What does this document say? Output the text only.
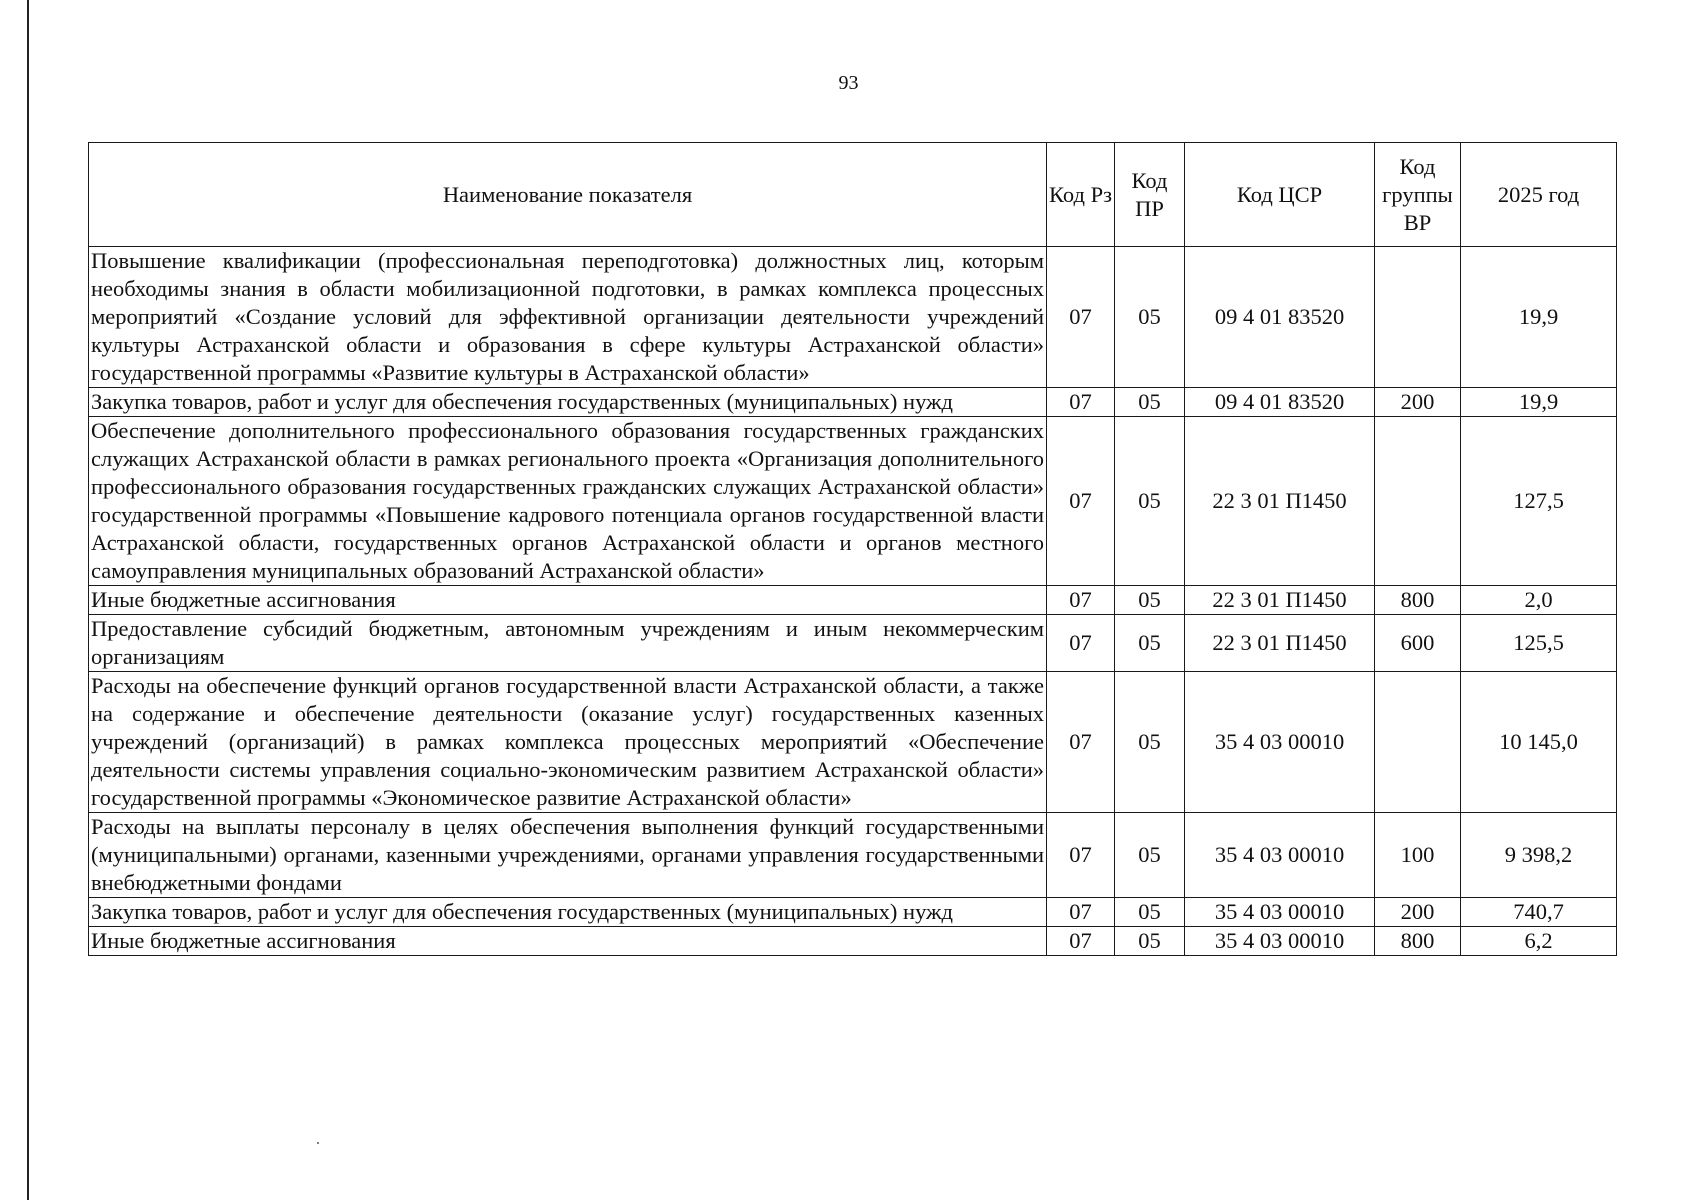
93
Наименование показателя	Код Рз	Код ПР	Код ЦСР	Код группы ВР	2025 год
Повышение квалификации (профессиональная переподготовка) должностных лиц, которым необходимы знания в области мобилизационной подготовки, в рамках комплекса процессных мероприятий «Создание условий для эффективной организации деятельности учреждений культуры Астраханской области и образования в сфере культуры Астраханской области» государственной программы «Развитие культуры в Астраханской области»	07	05	09 4 01 83520		19,9
Закупка товаров, работ и услуг для обеспечения государственных (муниципальных) нужд	07	05	09 4 01 83520	200	19,9
Обеспечение дополнительного профессионального образования государственных гражданских служащих Астраханской области в рамках регионального проекта «Организация дополнительного профессионального образования государственных гражданских служащих Астраханской области» государственной программы «Повышение кадрового потенциала органов государственной власти Астраханской области, государственных органов Астраханской области и органов местного самоуправления муниципальных образований Астраханской области»	07	05	22 3 01 П1450		127,5
Иные бюджетные ассигнования	07	05	22 3 01 П1450	800	2,0
Предоставление субсидий бюджетным, автономным учреждениям и иным некоммерческим организациям	07	05	22 3 01 П1450	600	125,5
Расходы на обеспечение функций органов государственной власти Астраханской области, а также на содержание и обеспечение деятельности (оказание услуг) государственных казенных учреждений (организаций) в рамках комплекса процессных мероприятий «Обеспечение деятельности системы управления социально-экономическим развитием Астраханской области» государственной программы «Экономическое развитие Астраханской области»	07	05	35 4 03 00010		10 145,0
Расходы на выплаты персоналу в целях обеспечения выполнения функций государственными (муниципальными) органами, казенными учреждениями, органами управления государственными внебюджетными фондами	07	05	35 4 03 00010	100	9 398,2
Закупка товаров, работ и услуг для обеспечения государственных (муниципальных) нужд	07	05	35 4 03 00010	200	740,7
Иные бюджетные ассигнования	07	05	35 4 03 00010	800	6,2
